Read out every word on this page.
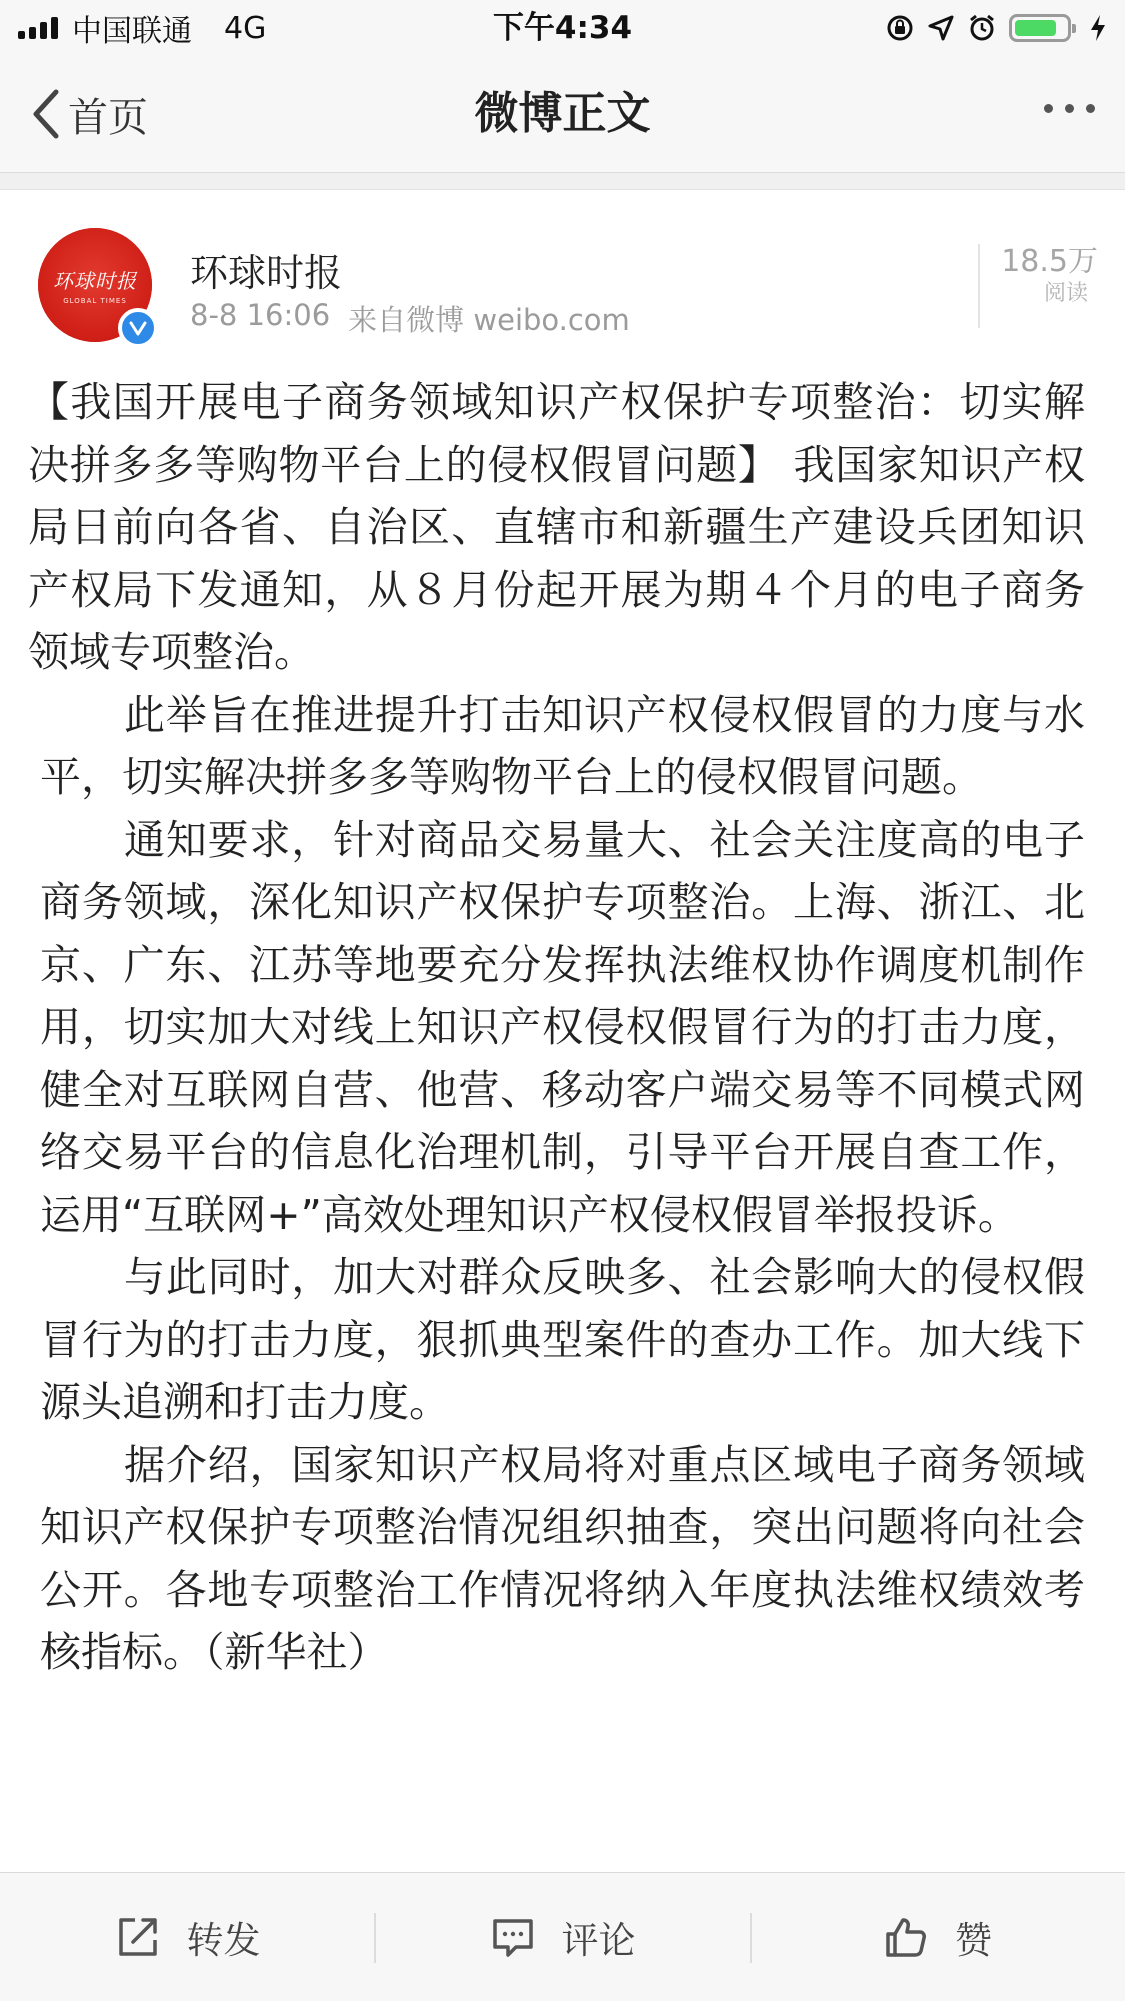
中国联通 4G	下午4:34
首页	微博正文
环球时报
GLOBAL TIMES
环球时报
8-8 16:06 来自微博 weibo.com
18.5万
阅读

【我国开展电子商务领域知识产权保护专项整治：切实解决拼多多等购物平台上的侵权假冒问题】 我国家知识产权局日前向各省、自治区、直辖市和新疆生产建设兵团知识产权局下发通知，从８月份起开展为期４个月的电子商务领域专项整治。

此举旨在推进提升打击知识产权侵权假冒的力度与水平，切实解决拼多多等购物平台上的侵权假冒问题。

通知要求，针对商品交易量大、社会关注度高的电子商务领域，深化知识产权保护专项整治。上海、浙江、北京、广东、江苏等地要充分发挥执法维权协作调度机制作用，切实加大对线上知识产权侵权假冒行为的打击力度，健全对互联网自营、他营、移动客户端交易等不同模式网络交易平台的信息化治理机制，引导平台开展自查工作，运用“互联网+”高效处理知识产权侵权假冒举报投诉。

与此同时，加大对群众反映多、社会影响大的侵权假冒行为的打击力度，狠抓典型案件的查办工作。加大线下源头追溯和打击力度。

据介绍，国家知识产权局将对重点区域电子商务领域知识产权保护专项整治情况组织抽查，突出问题将向社会公开。各地专项整治工作情况将纳入年度执法维权绩效考核指标。（新华社）

转发	评论	赞
